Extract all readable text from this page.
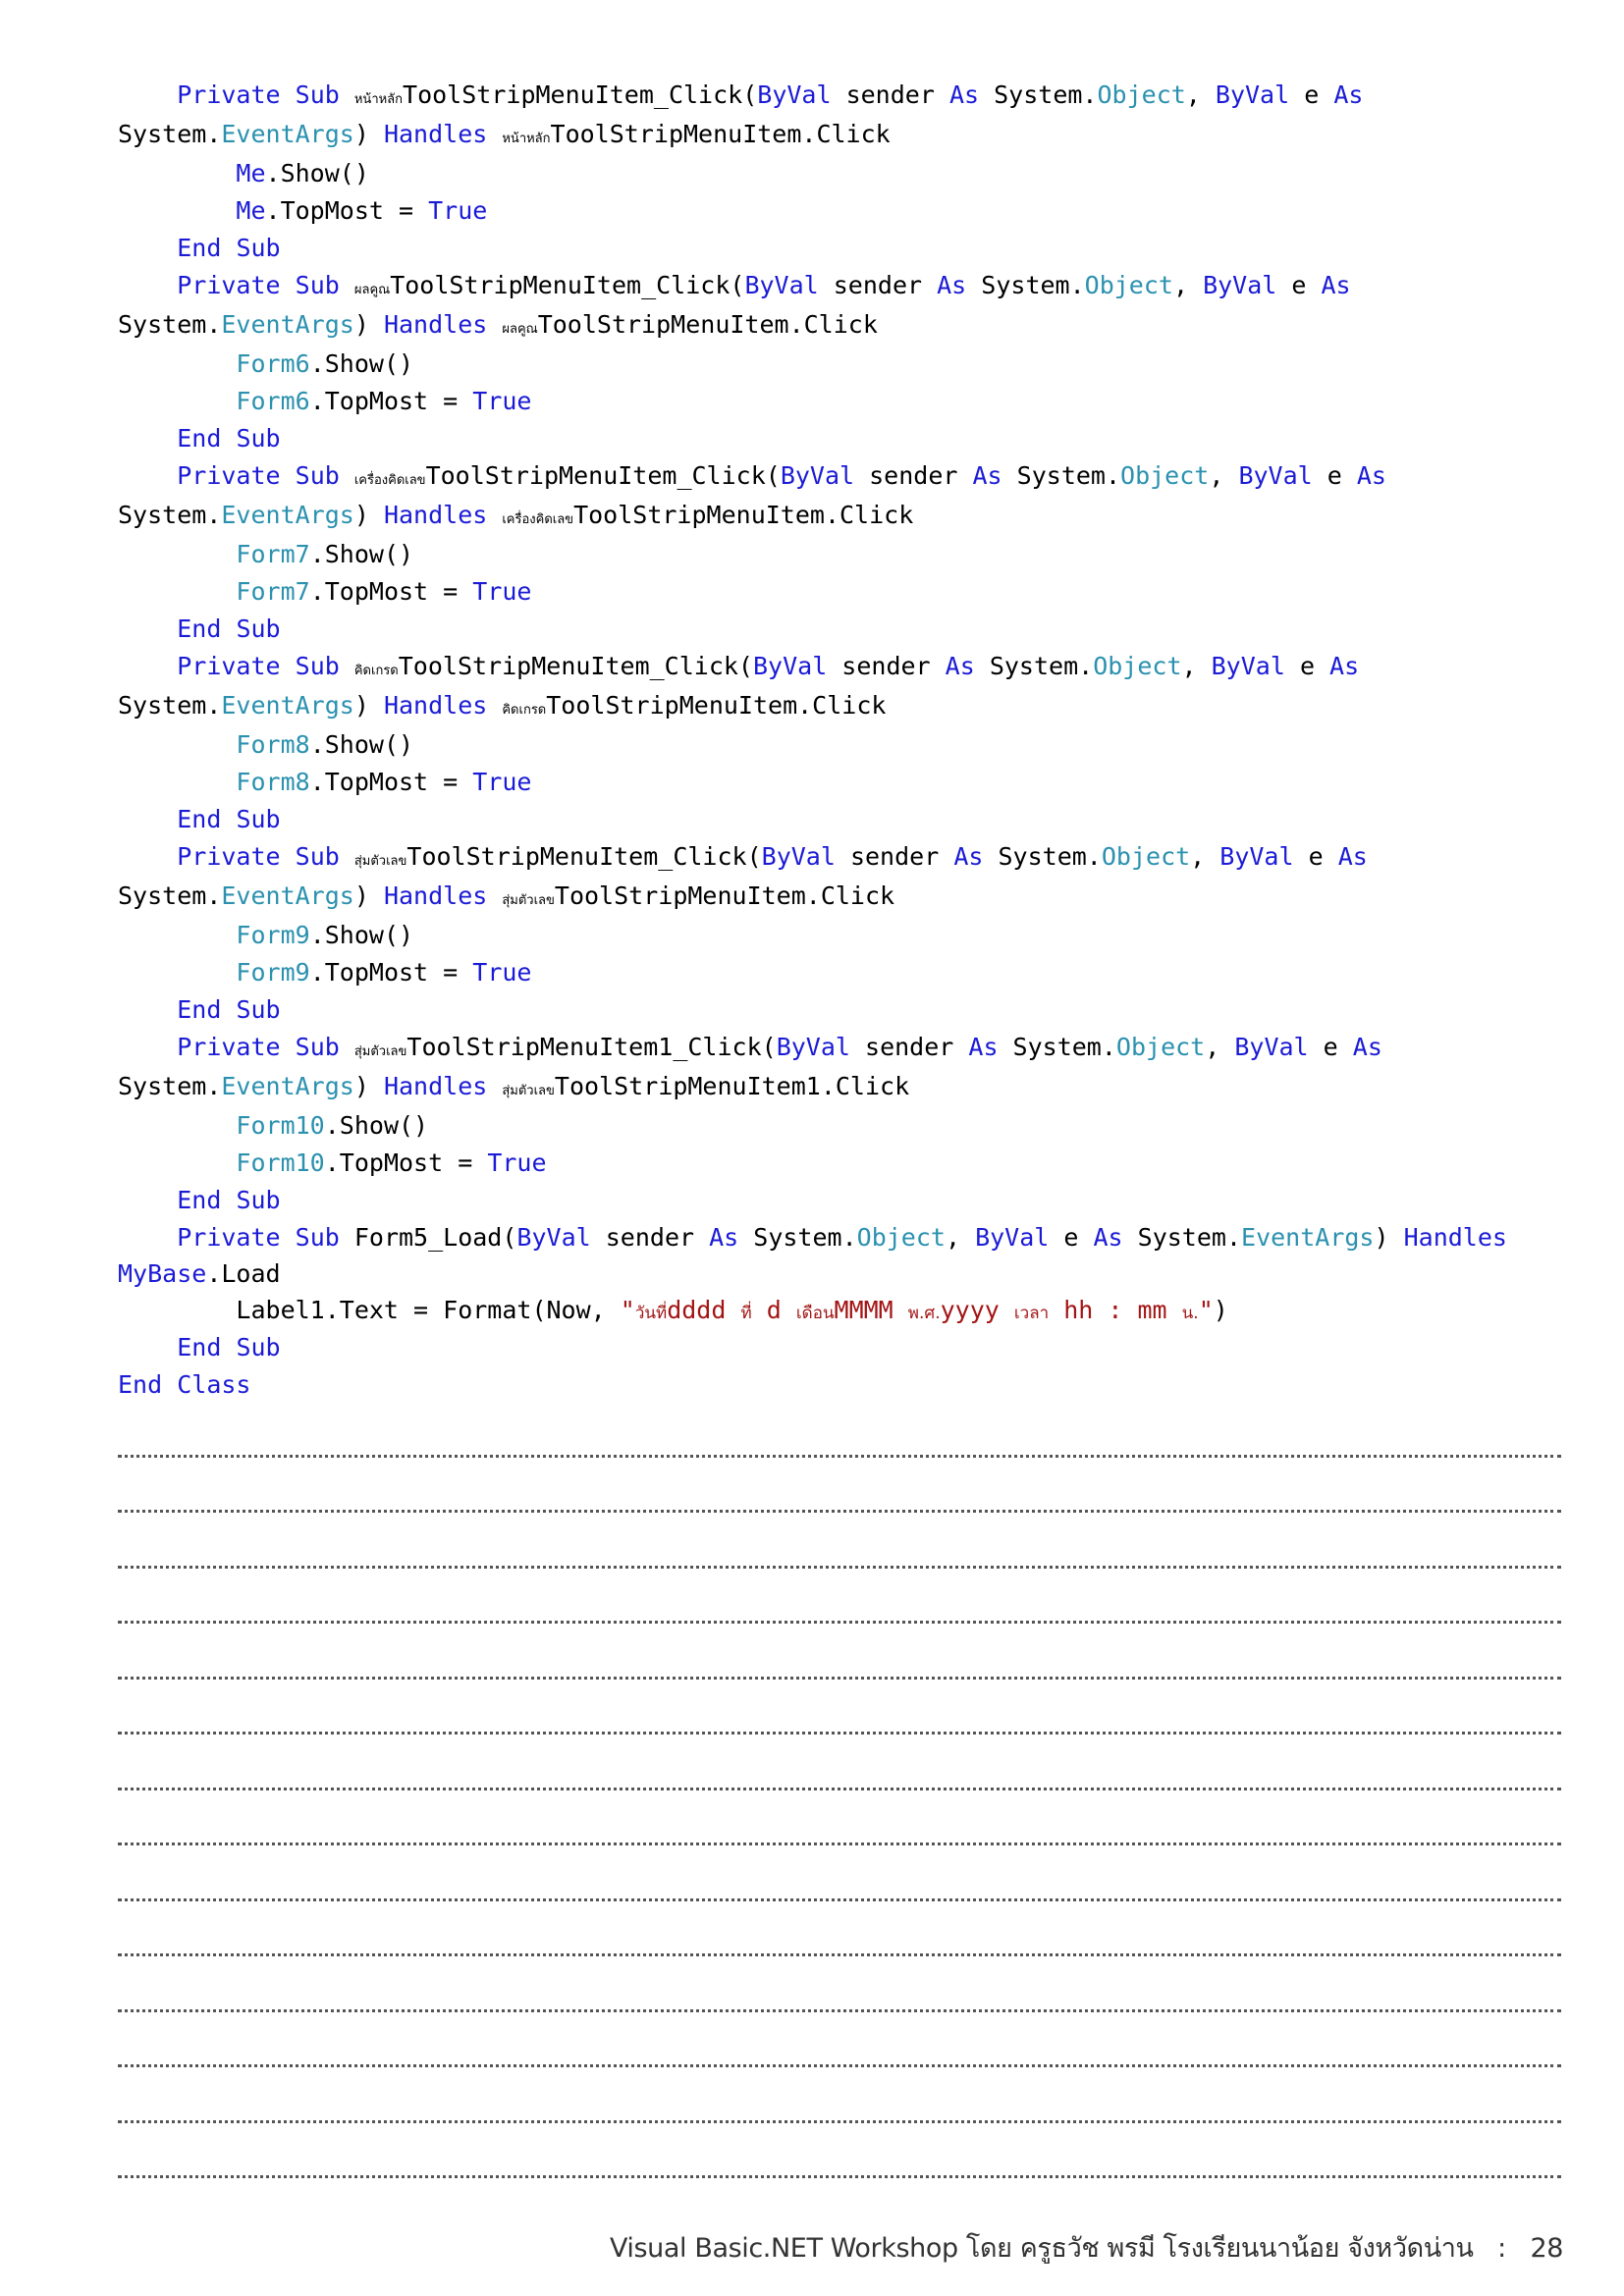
Private Sub หน้าหลักToolStripMenuItem_Click(ByVal sender As System.Object, ByVal e As
System.EventArgs) Handles หน้าหลักToolStripMenuItem.Click
Me.Show()
Me.TopMost = True
End Sub
Private Sub ผลคูณToolStripMenuItem_Click(ByVal sender As System.Object, ByVal e As
System.EventArgs) Handles ผลคูณToolStripMenuItem.Click
Form6.Show()
Form6.TopMost = True
End Sub
Private Sub เครื่องคิดเลขToolStripMenuItem_Click(ByVal sender As System.Object, ByVal e As
System.EventArgs) Handles เครื่องคิดเลขToolStripMenuItem.Click
Form7.Show()
Form7.TopMost = True
End Sub
Private Sub คิดเกรดToolStripMenuItem_Click(ByVal sender As System.Object, ByVal e As
System.EventArgs) Handles คิดเกรดToolStripMenuItem.Click
Form8.Show()
Form8.TopMost = True
End Sub
Private Sub สุ่มตัวเลขToolStripMenuItem_Click(ByVal sender As System.Object, ByVal e As
System.EventArgs) Handles สุ่มตัวเลขToolStripMenuItem.Click
Form9.Show()
Form9.TopMost = True
End Sub
Private Sub สุ่มตัวเลขToolStripMenuItem1_Click(ByVal sender As System.Object, ByVal e As
System.EventArgs) Handles สุ่มตัวเลขToolStripMenuItem1.Click
Form10.Show()
Form10.TopMost = True
End Sub
Private Sub Form5_Load(ByVal sender As System.Object, ByVal e As System.EventArgs) Handles
MyBase.Load
Label1.Text = Format(Now, "วันที่dddd ที่ d เดือนMMMM พ.ศ.yyyy เวลา hh : mm น.")
End Sub
End Class
Visual Basic.NET Workshop โดย ครูธวัช พรมี โรงเรียนนาน้อย จังหวัดน่าน : 28
